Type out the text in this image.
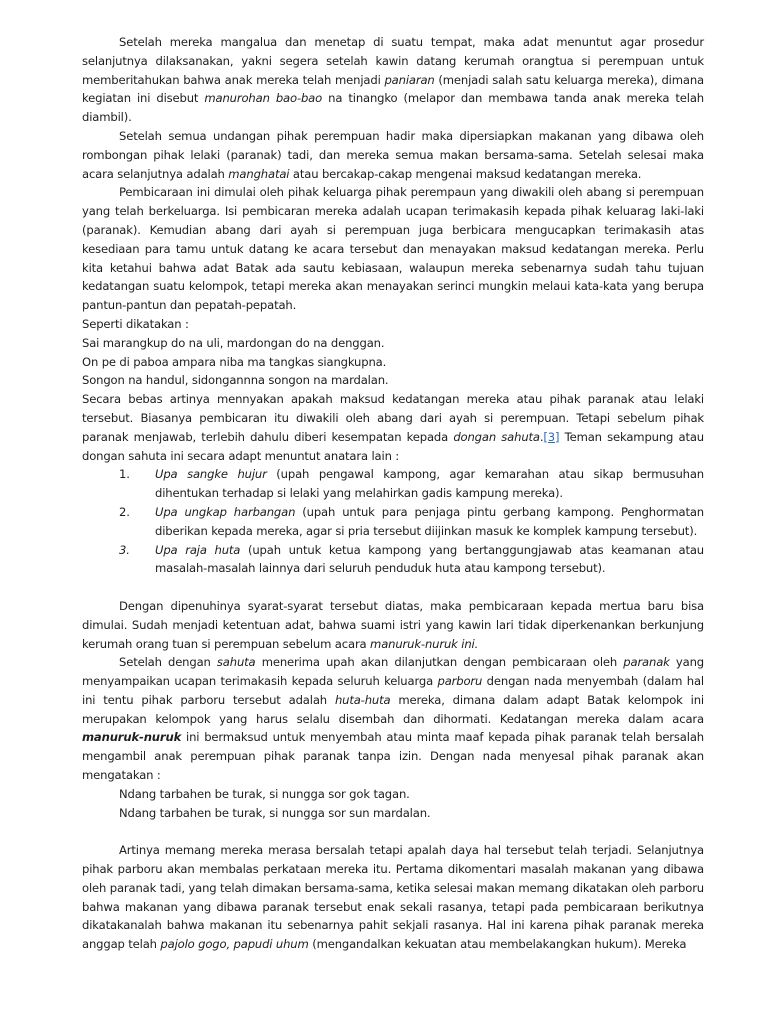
Setelah mereka mangalua dan menetap di suatu tempat, maka adat menuntut agar prosedur selanjutnya dilaksanakan, yakni segera setelah kawin datang kerumah orangtua si perempuan untuk memberitahukan bahwa anak mereka telah menjadi paniaran (menjadi salah satu keluarga mereka), dimana kegiatan ini disebut manurohan bao-bao na tinangko (melapor dan membawa tanda anak mereka telah diambil).

Setelah semua undangan pihak perempuan hadir maka dipersiapkan makanan yang dibawa oleh rombongan pihak lelaki (paranak) tadi, dan mereka semua makan bersama-sama. Setelah selesai maka acara selanjutnya adalah manghatai atau bercakap-cakap mengenai maksud kedatangan mereka.

Pembicaraan ini dimulai oleh pihak keluarga pihak perempaun yang diwakili oleh abang si perempuan yang telah berkeluarga. Isi pembicaran mereka adalah ucapan terimakasih kepada pihak keluarag laki-laki (paranak). Kemudian abang dari ayah si perempuan juga berbicara mengucapkan terimakasih atas kesediaan para tamu untuk datang ke acara tersebut dan menayakan maksud kedatangan mereka. Perlu kita ketahui bahwa adat Batak ada sautu kebiasaan, walaupun mereka sebenarnya sudah tahu tujuan kedatangan suatu kelompok, tetapi mereka akan menayakan serinci mungkin melaui kata-kata yang berupa pantun-pantun dan pepatah-pepatah.

Seperti dikatakan :

Sai marangkup do na uli, mardongan do na denggan.

On pe di paboa ampara niba ma tangkas siangkupna.

Songon na handul, sidongannna songon na mardalan.

Secara bebas artinya mennyakan apakah maksud kedatangan mereka atau pihak paranak atau lelaki tersebut. Biasanya pembicaran itu diwakili oleh abang dari ayah si perempuan. Tetapi sebelum pihak paranak menjawab, terlebih dahulu diberi kesempatan kepada dongan sahuta.[3] Teman sekampung atau dongan sahuta ini secara adapt menuntut anatara lain :

1. Upa sangke hujur (upah pengawal kampong, agar kemarahan atau sikap bermusuhan dihentukan terhadap si lelaki yang melahirkan gadis kampung mereka).
2. Upa ungkap harbangan (upah untuk para penjaga pintu gerbang kampong. Penghormatan diberikan kepada mereka, agar si pria tersebut diijinkan masuk ke komplek kampung tersebut).
3. Upa raja huta (upah untuk ketua kampong yang bertanggungjawab atas keamanan atau masalah-masalah lainnya dari seluruh penduduk huta atau kampong tersebut).

Dengan dipenuhinya syarat-syarat tersebut diatas, maka pembicaraan kepada mertua baru bisa dimulai. Sudah menjadi ketentuan adat, bahwa suami istri yang kawin lari tidak diperkenankan berkunjung kerumah orang tuan si perempuan sebelum acara manuruk-nuruk ini.

Setelah dengan sahuta menerima upah akan dilanjutkan dengan pembicaraan oleh paranak yang menyampaikan ucapan terimakasih kepada seluruh keluarga parboru dengan nada menyembah (dalam hal ini tentu pihak parboru tersebut adalah huta-huta mereka, dimana dalam adapt Batak kelompok ini merupakan kelompok yang harus selalu disembah dan dihormati. Kedatangan mereka dalam acara manuruk-nuruk ini bermaksud untuk menyembah atau minta maaf kepada pihak paranak telah bersalah mengambil anak perempuan pihak paranak tanpa izin. Dengan nada menyesal pihak paranak akan mengatakan :

Ndang tarbahen be turak, si nungga sor gok tagan.

Ndang tarbahen be turak, si nungga sor sun mardalan.

Artinya memang mereka merasa bersalah tetapi apalah daya hal tersebut telah terjadi. Selanjutnya pihak parboru akan membalas perkataan mereka itu. Pertama dikomentari masalah makanan yang dibawa oleh paranak tadi, yang telah dimakan bersama-sama, ketika selesai makan memang dikatakan oleh parboru bahwa makanan yang dibawa paranak tersebut enak sekali rasanya, tetapi pada pembicaraan berikutnya dikatakanalah bahwa makanan itu sebenarnya pahit sekjali rasanya. Hal ini karena pihak paranak mereka anggap telah pajolo gogo, papudi uhum (mengandalkan kekuatan atau membelakangkan hukum). Mereka
